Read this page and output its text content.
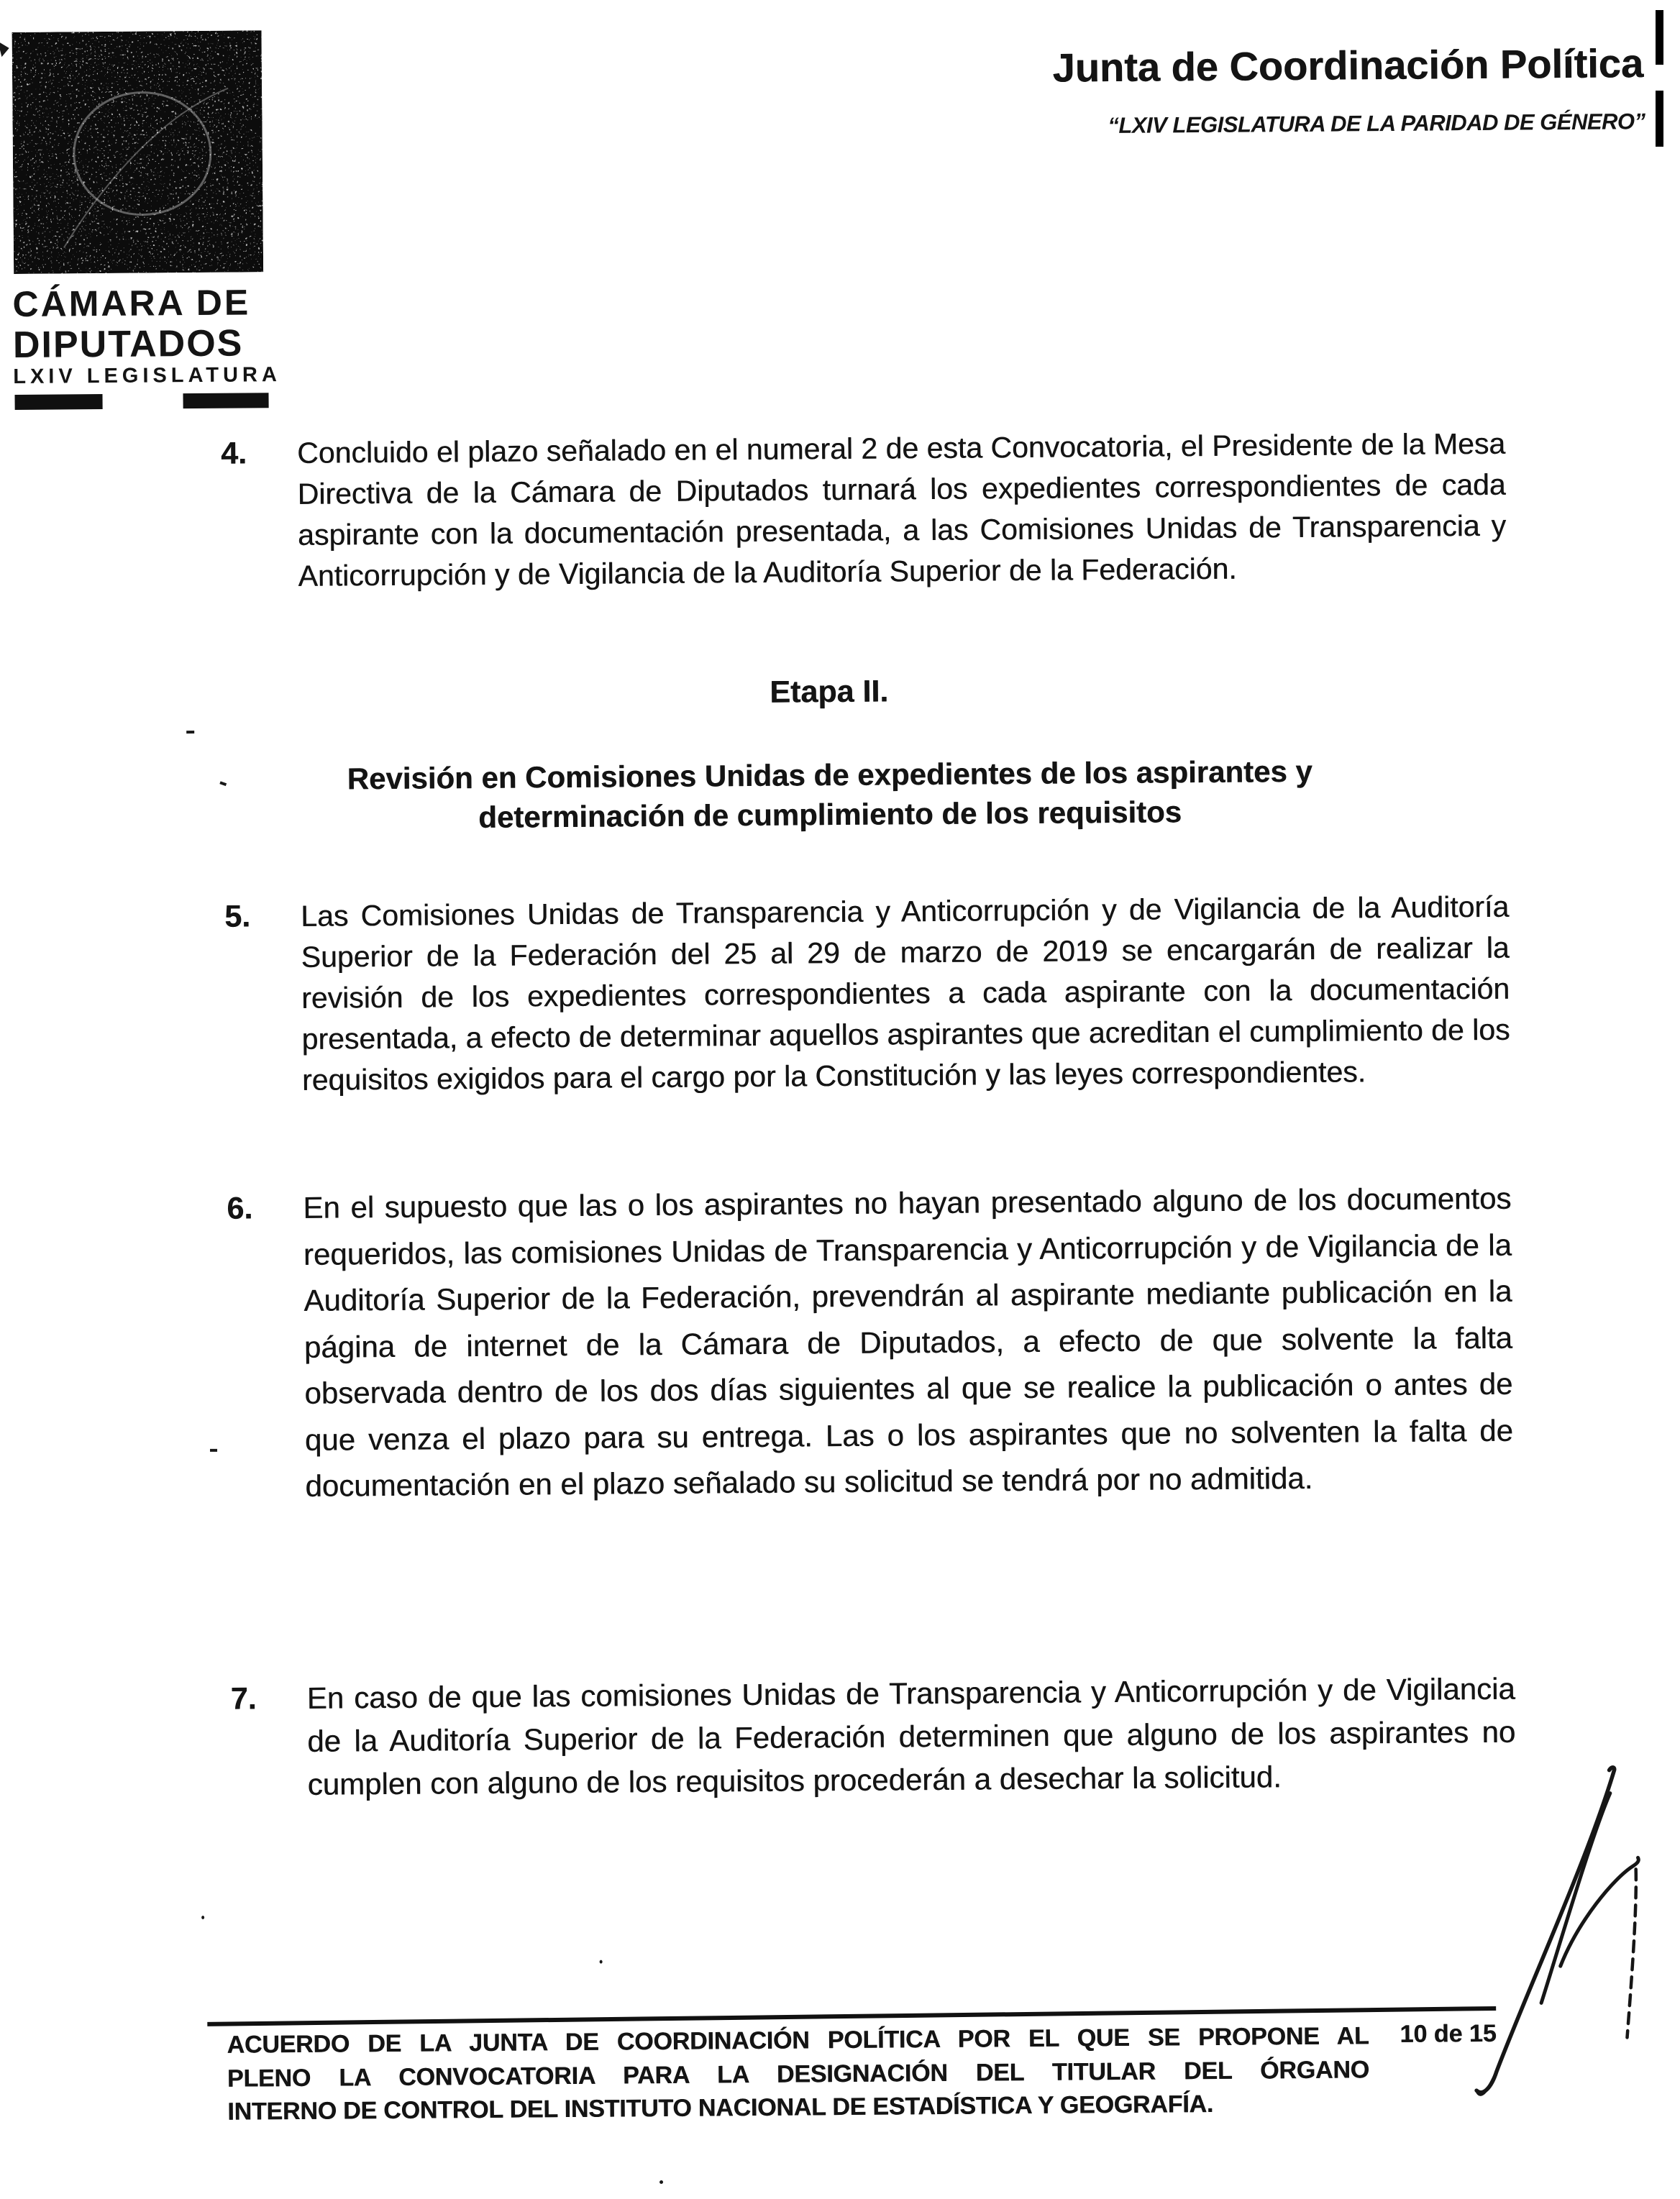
CÁMARA DE
DIPUTADOS
LXIV LEGISLATURA
Junta de Coordinación Política
“LXIV LEGISLATURA DE LA PARIDAD DE GÉNERO”
4. Concluido el plazo señalado en el numeral 2 de esta Convocatoria, el Presidente de la Mesa Directiva de la Cámara de Diputados turnará los expedientes correspondientes de cada aspirante con la documentación presentada, a las Comisiones Unidas de Transparencia y Anticorrupción y de Vigilancia de la Auditoría Superior de la Federación.
Etapa II.
Revisión en Comisiones Unidas de expedientes de los aspirantes y
determinación de cumplimiento de los requisitos
5. Las Comisiones Unidas de Transparencia y Anticorrupción y de Vigilancia de la Auditoría Superior de la Federación del 25 al 29 de marzo de 2019 se encargarán de realizar la revisión de los expedientes correspondientes a cada aspirante con la documentación presentada, a efecto de determinar aquellos aspirantes que acreditan el cumplimiento de los requisitos exigidos para el cargo por la Constitución y las leyes correspondientes.
6. En el supuesto que las o los aspirantes no hayan presentado alguno de los documentos requeridos, las comisiones Unidas de Transparencia y Anticorrupción y de Vigilancia de la Auditoría Superior de la Federación, prevendrán al aspirante mediante publicación en la página de internet de la Cámara de Diputados, a efecto de que solvente la falta observada dentro de los dos días siguientes al que se realice la publicación o antes de que venza el plazo para su entrega. Las o los aspirantes que no solventen la falta de documentación en el plazo señalado su solicitud se tendrá por no admitida.
7. En caso de que las comisiones Unidas de Transparencia y Anticorrupción y de Vigilancia de la Auditoría Superior de la Federación determinen que alguno de los aspirantes no cumplen con alguno de los requisitos procederán a desechar la solicitud.
ACUERDO DE LA JUNTA DE COORDINACIÓN POLÍTICA POR EL QUE SE PROPONE AL
PLENO LA CONVOCATORIA PARA LA DESIGNACIÓN DEL TITULAR DEL ÓRGANO
INTERNO DE CONTROL DEL INSTITUTO NACIONAL DE ESTADÍSTICA Y GEOGRAFÍA.
10 de 15
